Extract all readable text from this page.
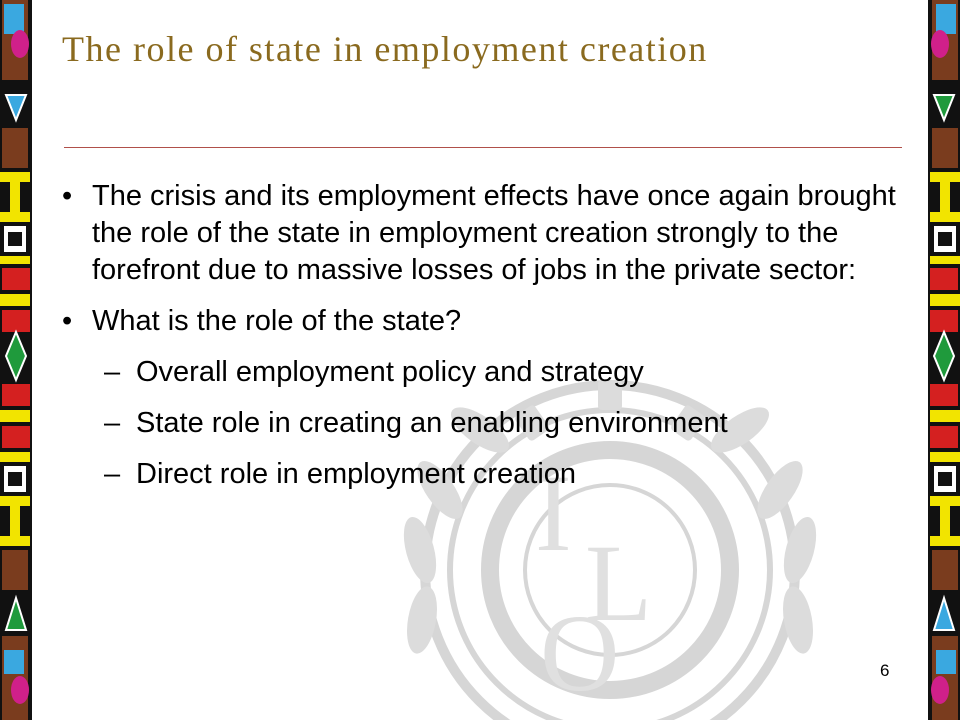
I
L
O
The role of state in employment creation
• The crisis and its employment effects have once again brought the role of the state in employment creation strongly to the forefront due to massive losses of jobs in the private sector:
• What is the role of the state?
– Overall employment policy and strategy
– State role in creating an enabling environment
– Direct role in employment creation
6
